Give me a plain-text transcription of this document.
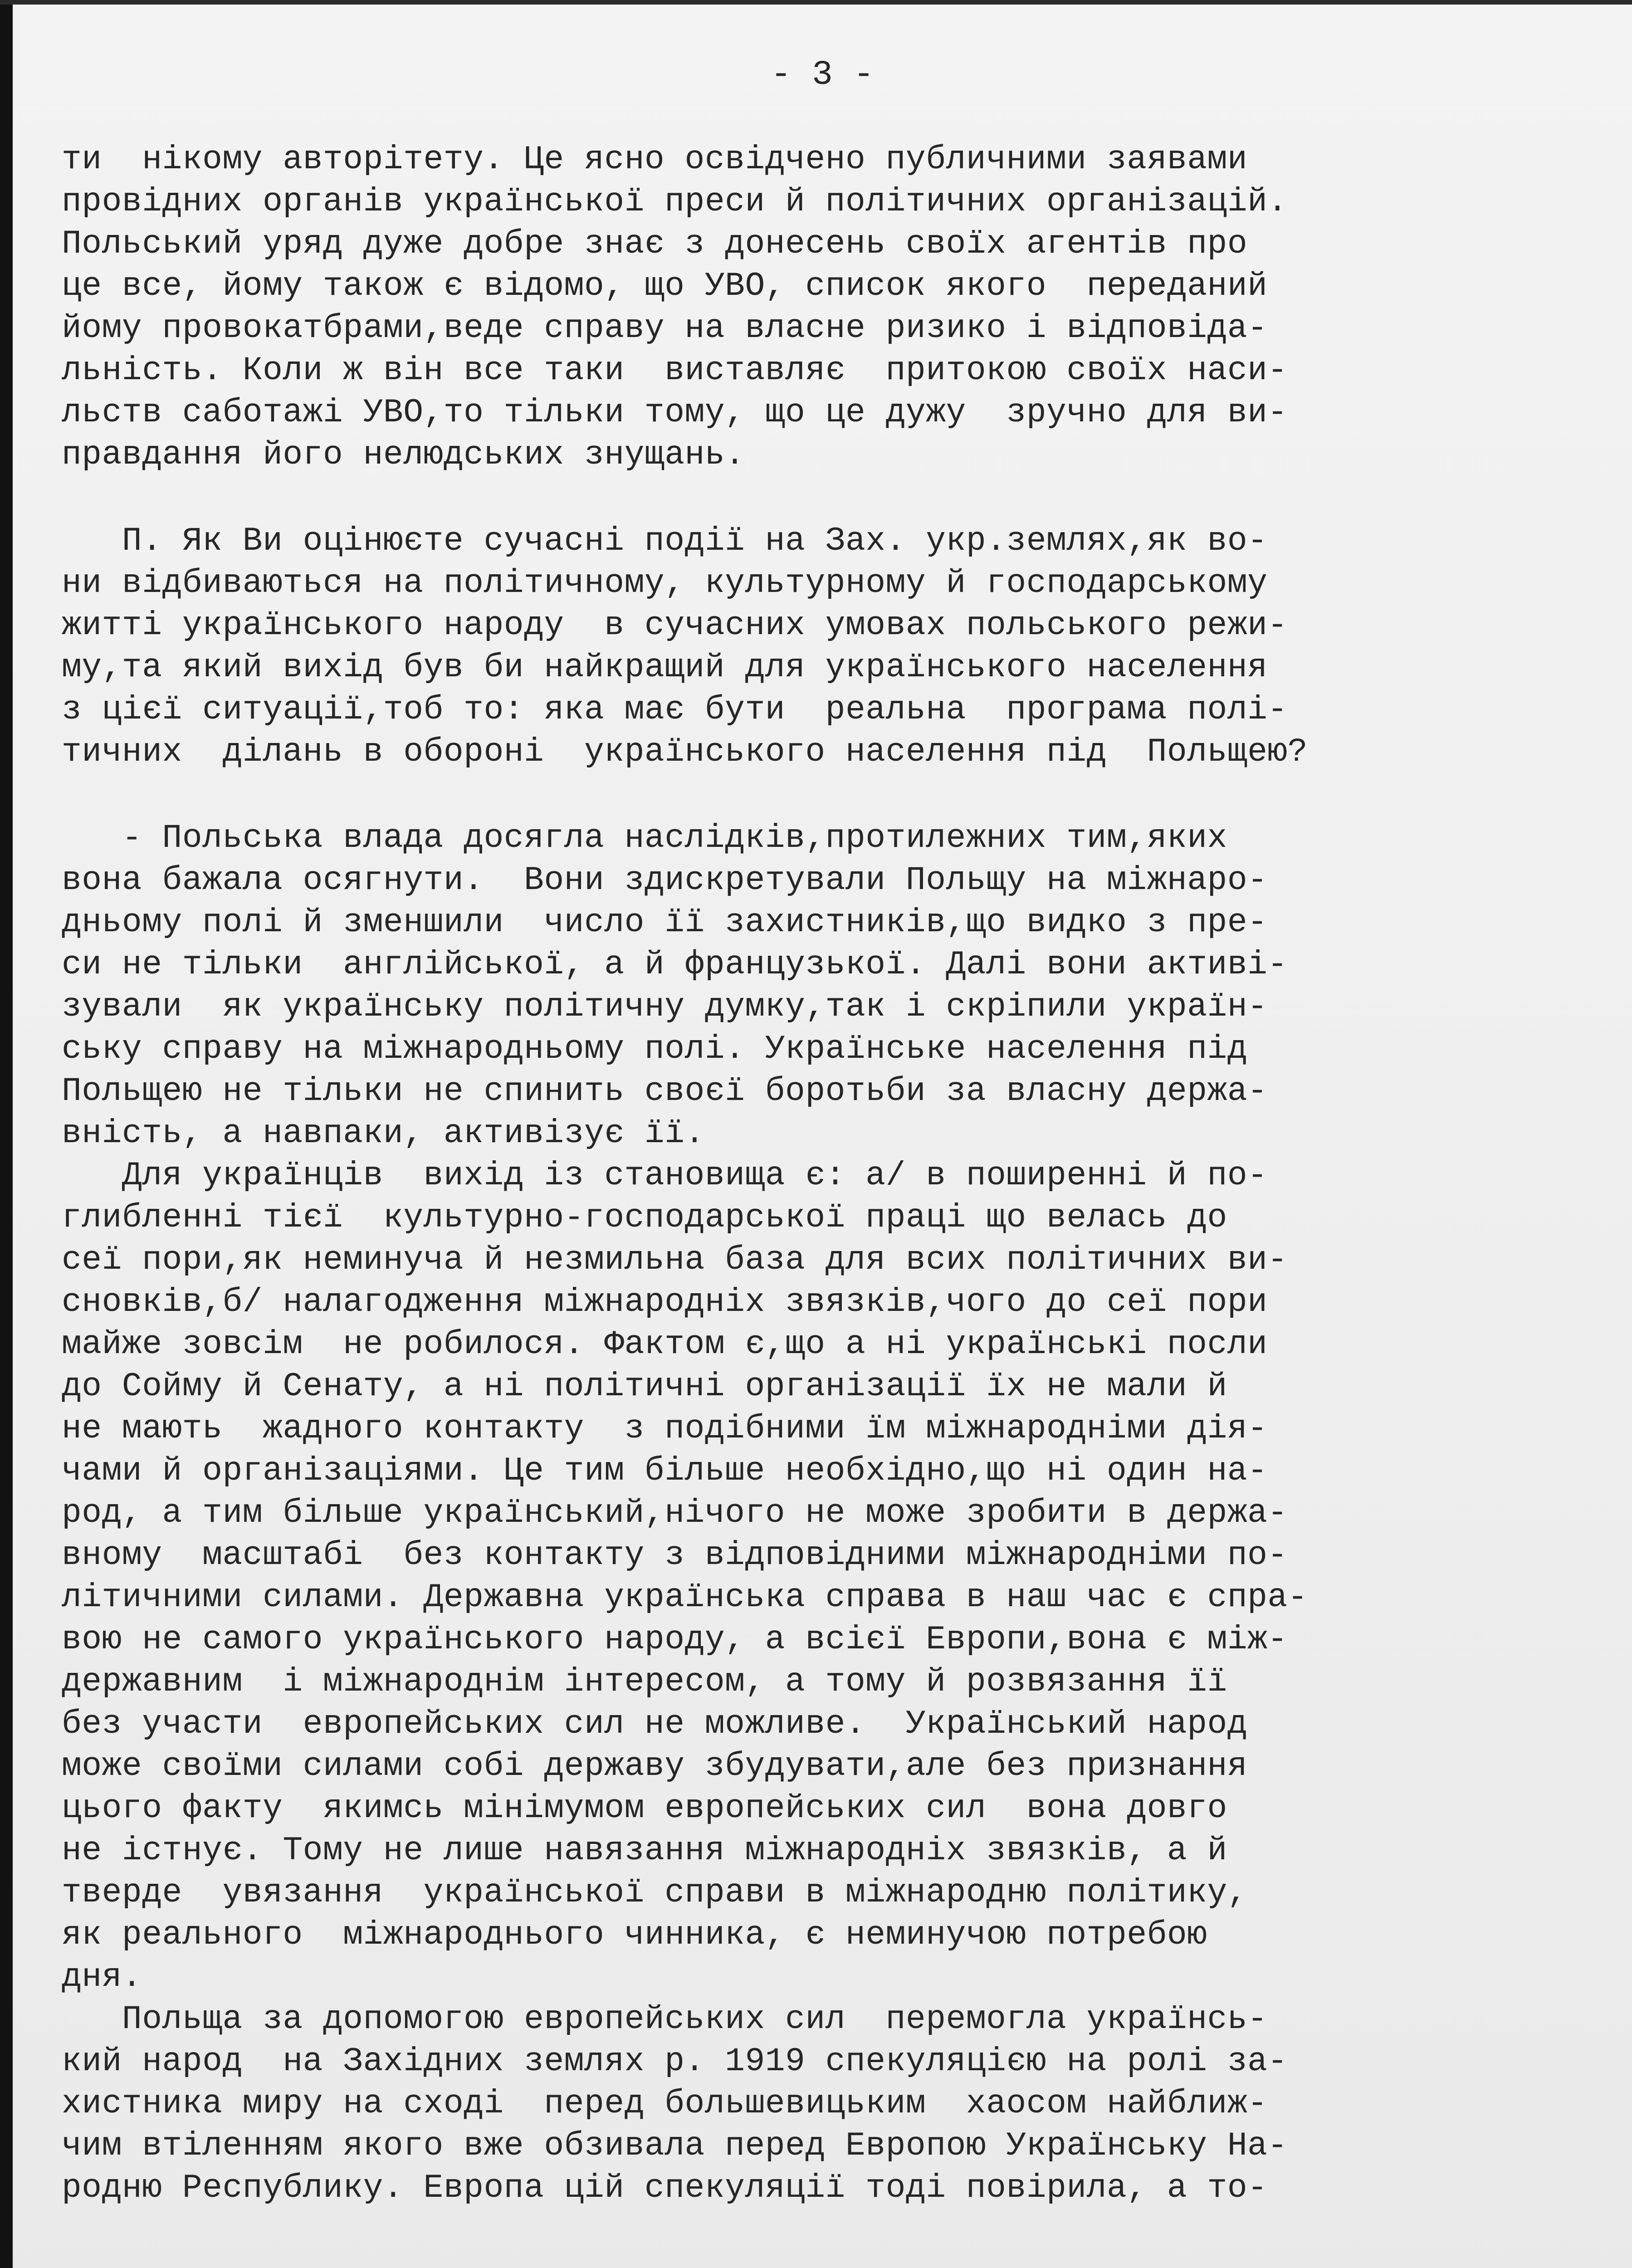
- 3 -
ти  нікому авторітету. Це ясно освідчено публичними заявами
провідних органів української преси й політичних організацій.
Польський уряд дуже добре знає з донесень своїх агентів про
це все, йому також є відомо, що УВО, список якого  переданий
йому провокатбрами,веде справу на власне ризико і відповіда-
льність. Коли ж він все таки  виставляє  притокою своїх наси-
льств саботажі УВО,то тільки тому, що це дужу  зручно для ви-
правдання його нелюдських знущань.
П. Як Ви оцінюєте сучасні події на Зах. укр.землях,як во-
ни відбиваються на політичному, культурному й господарському
житті українського народу  в сучасних умовах польського режи-
му,та який вихід був би найкращий для українського населення
з цієї ситуації,тоб то: яка має бути  реальна  програма полі-
тичних  ділань в обороні  українського населення під  Польщею?
- Польська влада досягла наслідків,протилежних тим,яких
вона бажала осягнути.  Вони здискретували Польщу на міжнаро-
дньому полі й зменшили  число її захистників,що видко з пре-
си не тільки  англійської, а й французької. Далі вони активі-
зували  як українську політичну думку,так і скріпили україн-
ську справу на міжнародньому полі. Українське населення під
Польщею не тільки не спинить своєї боротьби за власну держа-
вність, а навпаки, активізує її.
Для українців  вихід із становища є: а/ в поширенні й по-
глибленні тієї  культурно-господарської праці що велась до
сеї пори,як неминуча й незмильна база для всих політичних ви-
сновків,б/ налагодження міжнародніх звязків,чого до сеї пори
майже зовсім  не робилося. Фактом є,що а ні українські посли
до Сойму й Сенату, а ні політичні організації їх не мали й
не мають  жадного контакту  з подібними їм міжнародніми дія-
чами й організаціями. Це тим більше необхідно,що ні один на-
род, а тим більше український,нічого не може зробити в держа-
вному  масштабі  без контакту з відповідними міжнародніми по-
літичними силами. Державна українська справа в наш час є спра-
вою не самого українського народу, а всієї Европи,вона є між-
державним  і міжнароднім інтересом, а тому й розвязання її
без участи  европейських сил не можливе.  Український народ
може своїми силами собі державу збудувати,але без признання
цього факту  якимсь мінімумом европейських сил  вона довго
не істнує. Тому не лише навязання міжнародніх звязків, а й
тверде  увязання  української справи в міжнародню політику,
як реального  міжнароднього чинника, є неминучою потребою
дня.
Польща за допомогою европейських сил  перемогла українсь-
кий народ  на Західних землях р. 1919 спекуляцією на ролі за-
хистника миру на сході  перед большевицьким  хаосом найближ-
чим втіленням якого вже обзивала перед Европою Українську На-
родню Республику. Европа цій спекуляції тоді повірила, а то-
